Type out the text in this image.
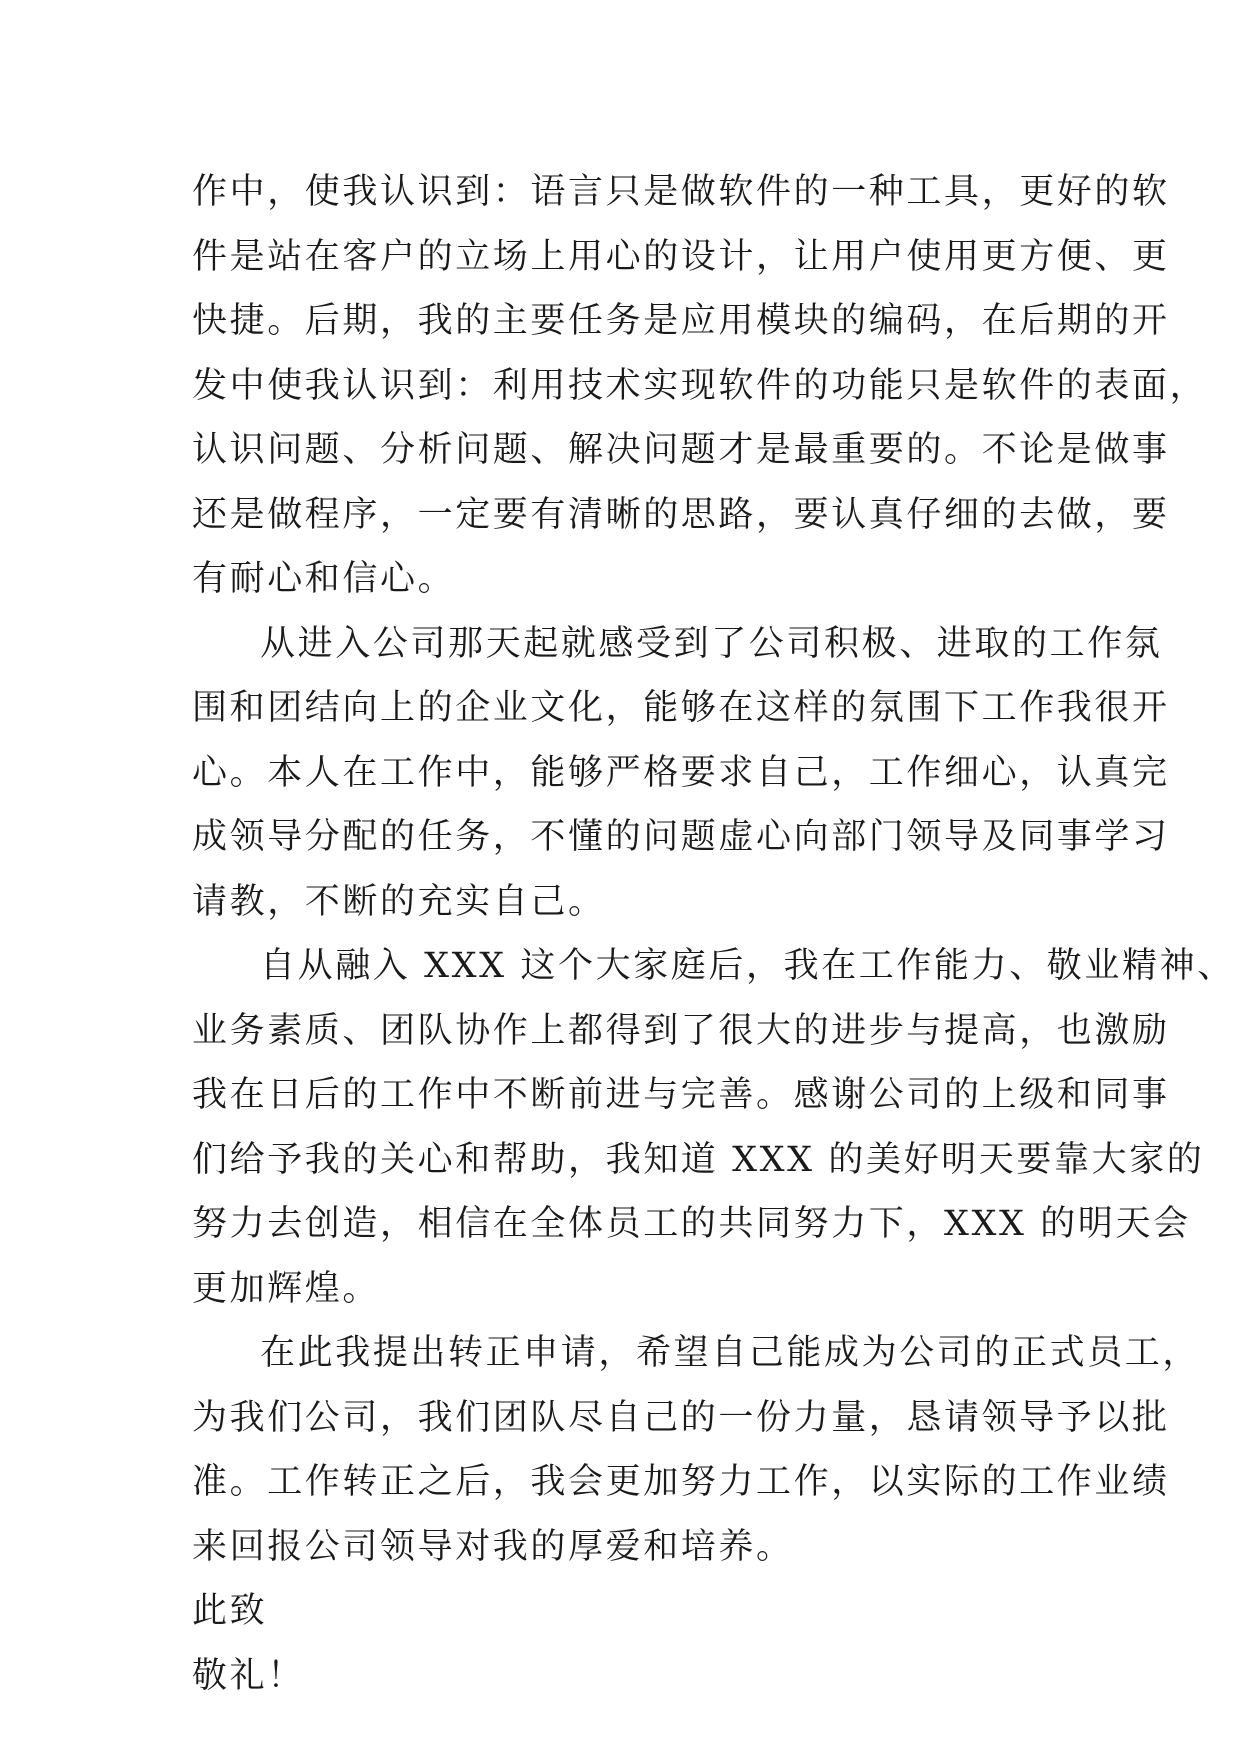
作中，使我认识到：语言只是做软件的一种工具，更好的软
件是站在客户的立场上用心的设计，让用户使用更方便、更
快捷。后期，我的主要任务是应用模块的编码，在后期的开
发中使我认识到：利用技术实现软件的功能只是软件的表面，
认识问题、分析问题、解决问题才是最重要的。不论是做事
还是做程序，一定要有清晰的思路，要认真仔细的去做，要
有耐心和信心。
从进入公司那天起就感受到了公司积极、进取的工作氛
围和团结向上的企业文化，能够在这样的氛围下工作我很开
心。本人在工作中，能够严格要求自己，工作细心，认真完
成领导分配的任务，不懂的问题虚心向部门领导及同事学习
请教，不断的充实自己。
自从融入 XXX 这个大家庭后，我在工作能力、敬业精神、
业务素质、团队协作上都得到了很大的进步与提高，也激励
我在日后的工作中不断前进与完善。感谢公司的上级和同事
们给予我的关心和帮助，我知道 XXX 的美好明天要靠大家的
努力去创造，相信在全体员工的共同努力下，XXX 的明天会
更加辉煌。
在此我提出转正申请，希望自己能成为公司的正式员工，
为我们公司，我们团队尽自己的一份力量，恳请领导予以批
准。工作转正之后，我会更加努力工作，以实际的工作业绩
来回报公司领导对我的厚爱和培养。
此致
敬礼！
